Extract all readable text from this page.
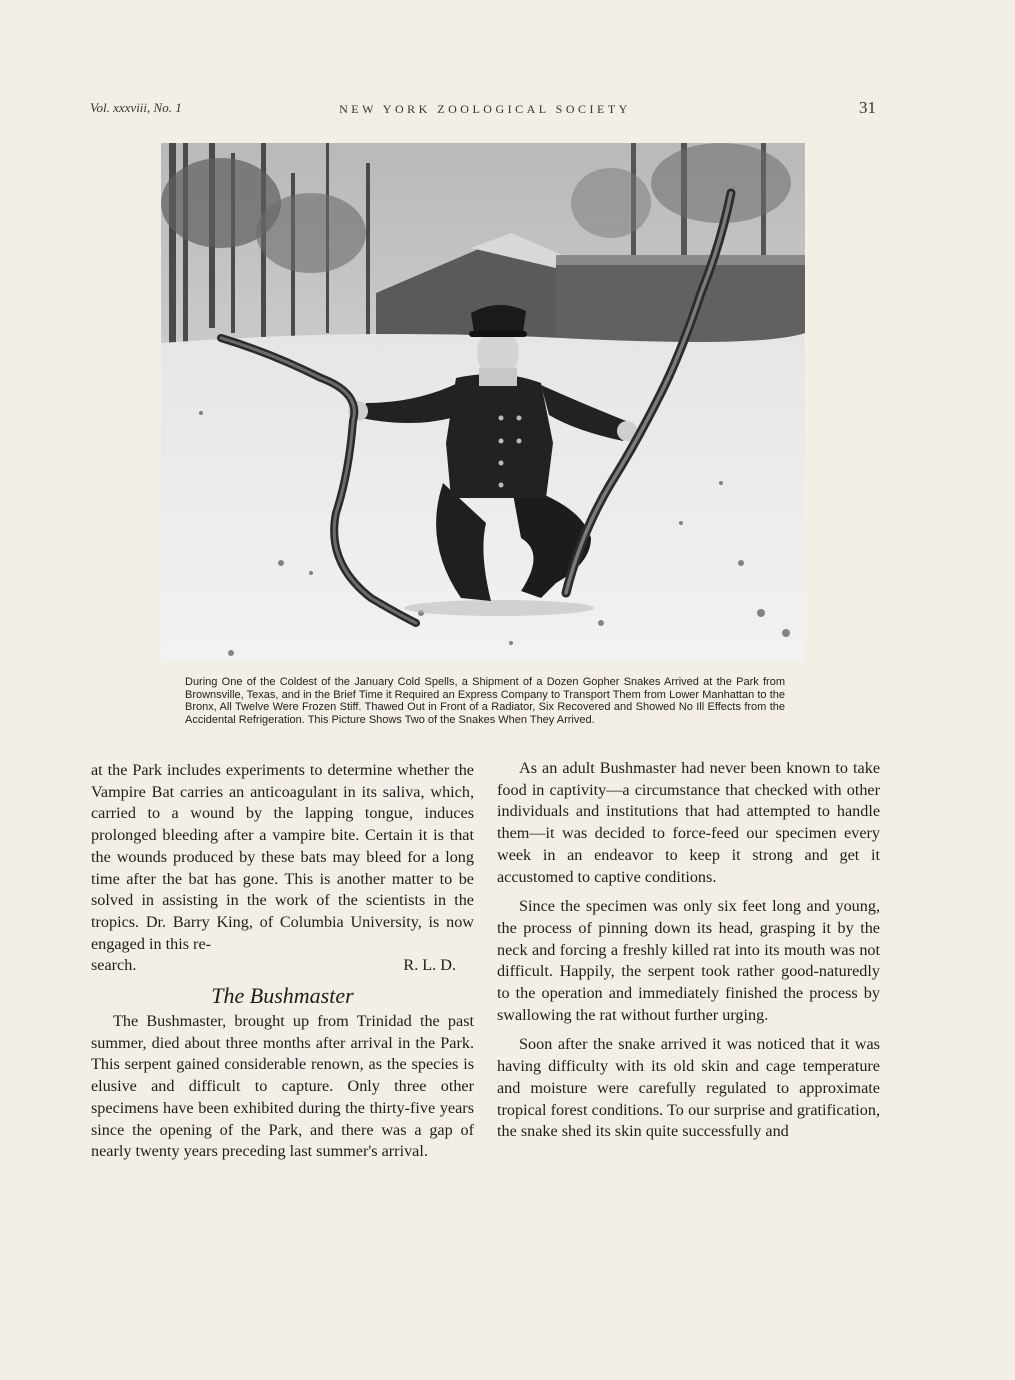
Vol. xxxviii, No. 1	NEW YORK ZOOLOGICAL SOCIETY	31
During One of the Coldest of the January Cold Spells, a Shipment of a Dozen Gopher Snakes Arrived at the Park from Brownsville, Texas, and in the Brief Time it Required an Express Company to Transport Them from Lower Manhattan to the Bronx, All Twelve Were Frozen Stiff. Thawed Out in Front of a Radiator, Six Recovered and Showed No Ill Effects from the Accidental Refrigeration. This Picture Shows Two of the Snakes When They Arrived.

at the Park includes experiments to determine whether the Vampire Bat carries an anticoagulant in its saliva, which, carried to a wound by the lapping tongue, induces prolonged bleeding after a vampire bite. Certain it is that the wounds produced by these bats may bleed for a long time after the bat has gone. This is another matter to be solved in assisting in the work of the scientists in the tropics. Dr. Barry King, of Columbia University, is now engaged in this re-

search.	R. L. D.
The Bushmaster

The Bushmaster, brought up from Trinidad the past summer, died about three months after arrival in the Park. This serpent gained considerable renown, as the species is elusive and difficult to capture. Only three other specimens have been exhibited during the thirty-five years since the opening of the Park, and there was a gap of nearly twenty years preceding last summer's arrival.

As an adult Bushmaster had never been known to take food in captivity—a circumstance that checked with other individuals and institutions that had attempted to handle them—it was decided to force-feed our specimen every week in an endeavor to keep it strong and get it accustomed to captive conditions.

Since the specimen was only six feet long and young, the process of pinning down its head, grasping it by the neck and forcing a freshly killed rat into its mouth was not difficult. Happily, the serpent took rather good-naturedly to the operation and immediately finished the process by swallowing the rat without further urging.

Soon after the snake arrived it was noticed that it was having difficulty with its old skin and cage temperature and moisture were carefully regulated to approximate tropical forest conditions. To our surprise and gratification, the snake shed its skin quite successfully and
